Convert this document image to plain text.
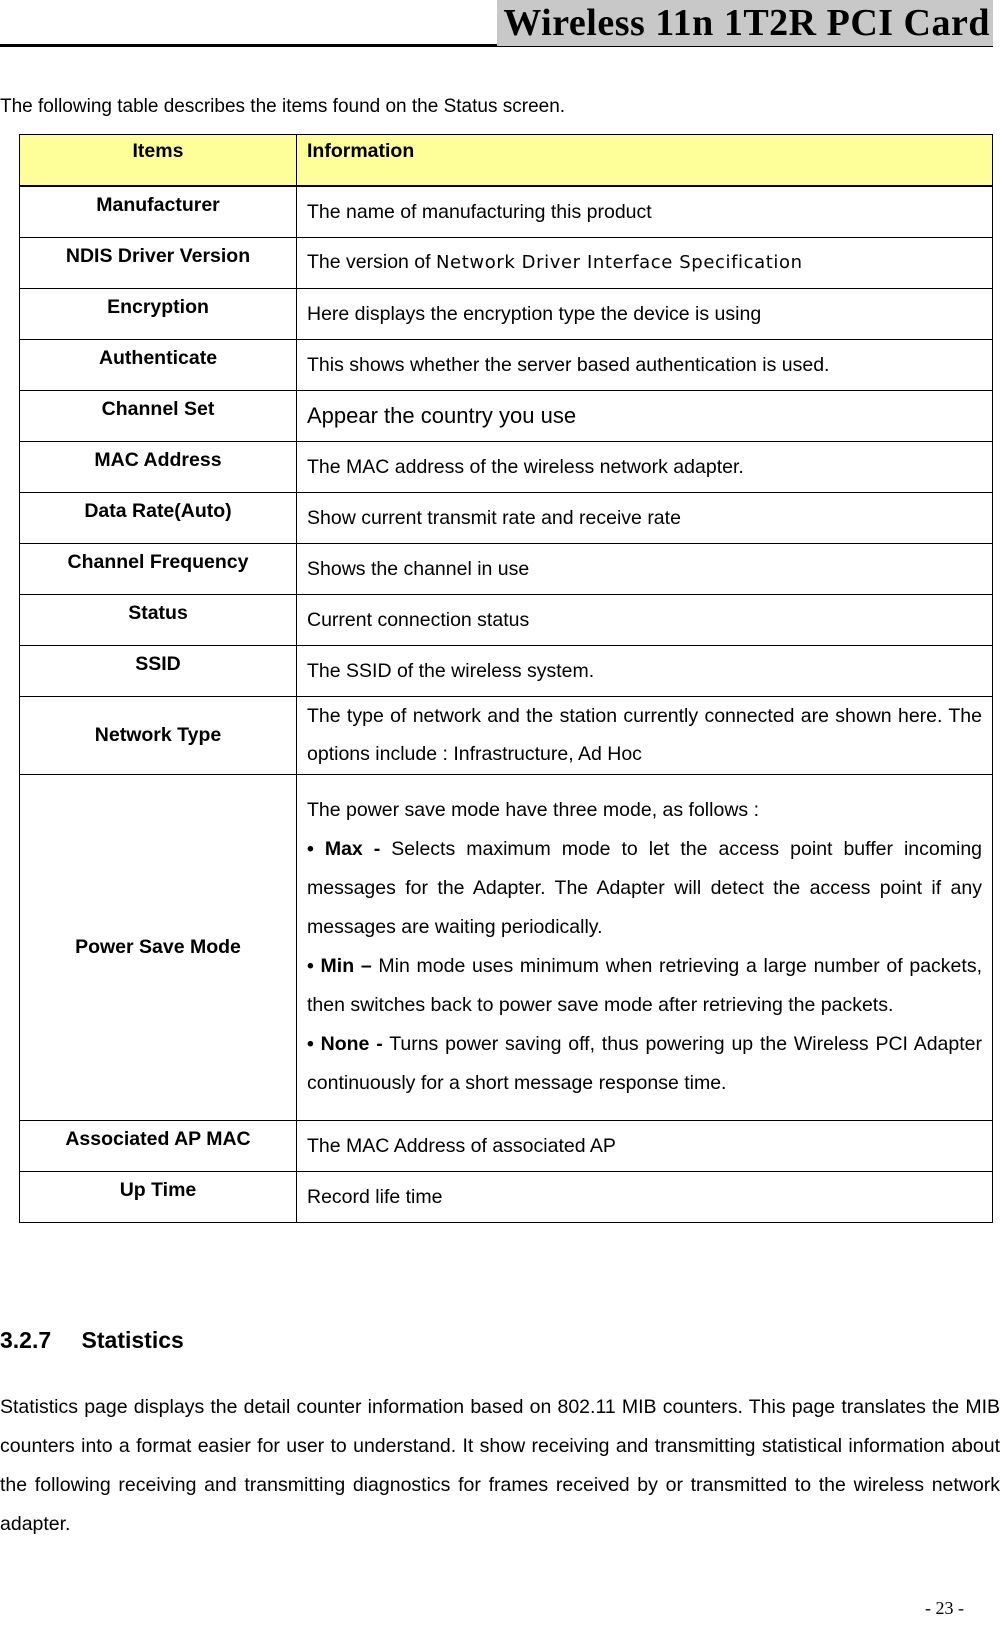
Wireless 11n 1T2R PCI Card
The following table describes the items found on the Status screen.
Items	Information
Manufacturer	The name of manufacturing this product
NDIS Driver Version	The version of Network Driver Interface Specification
Encryption	Here displays the encryption type the device is using
Authenticate	This shows whether the server based authentication is used.
Channel Set	Appear the country you use
MAC Address	The MAC address of the wireless network adapter.
Data Rate(Auto)	Show current transmit rate and receive rate
Channel Frequency	Shows the channel in use
Status	Current connection status
SSID	The SSID of the wireless system.
Network Type	The type of network and the station currently connected are shown here. The options include : Infrastructure, Ad Hoc
Power Save Mode	The power save mode have three mode, as follows :
• Max - Selects maximum mode to let the access point buffer incoming messages for the Adapter. The Adapter will detect the access point if any messages are waiting periodically.
• Min – Min mode uses minimum when retrieving a large number of packets, then switches back to power save mode after retrieving the packets.
• None - Turns power saving off, thus powering up the Wireless PCI Adapter continuously for a short message response time.

Associated AP MAC	The MAC Address of associated AP
Up Time	Record life time
3.2.7 Statistics
Statistics page displays the detail counter information based on 802.11 MIB counters. This page translates the MIB counters into a format easier for user to understand. It show receiving and transmitting statistical information about the following receiving and transmitting diagnostics for frames received by or transmitted to the wireless network adapter.
- 23 -
